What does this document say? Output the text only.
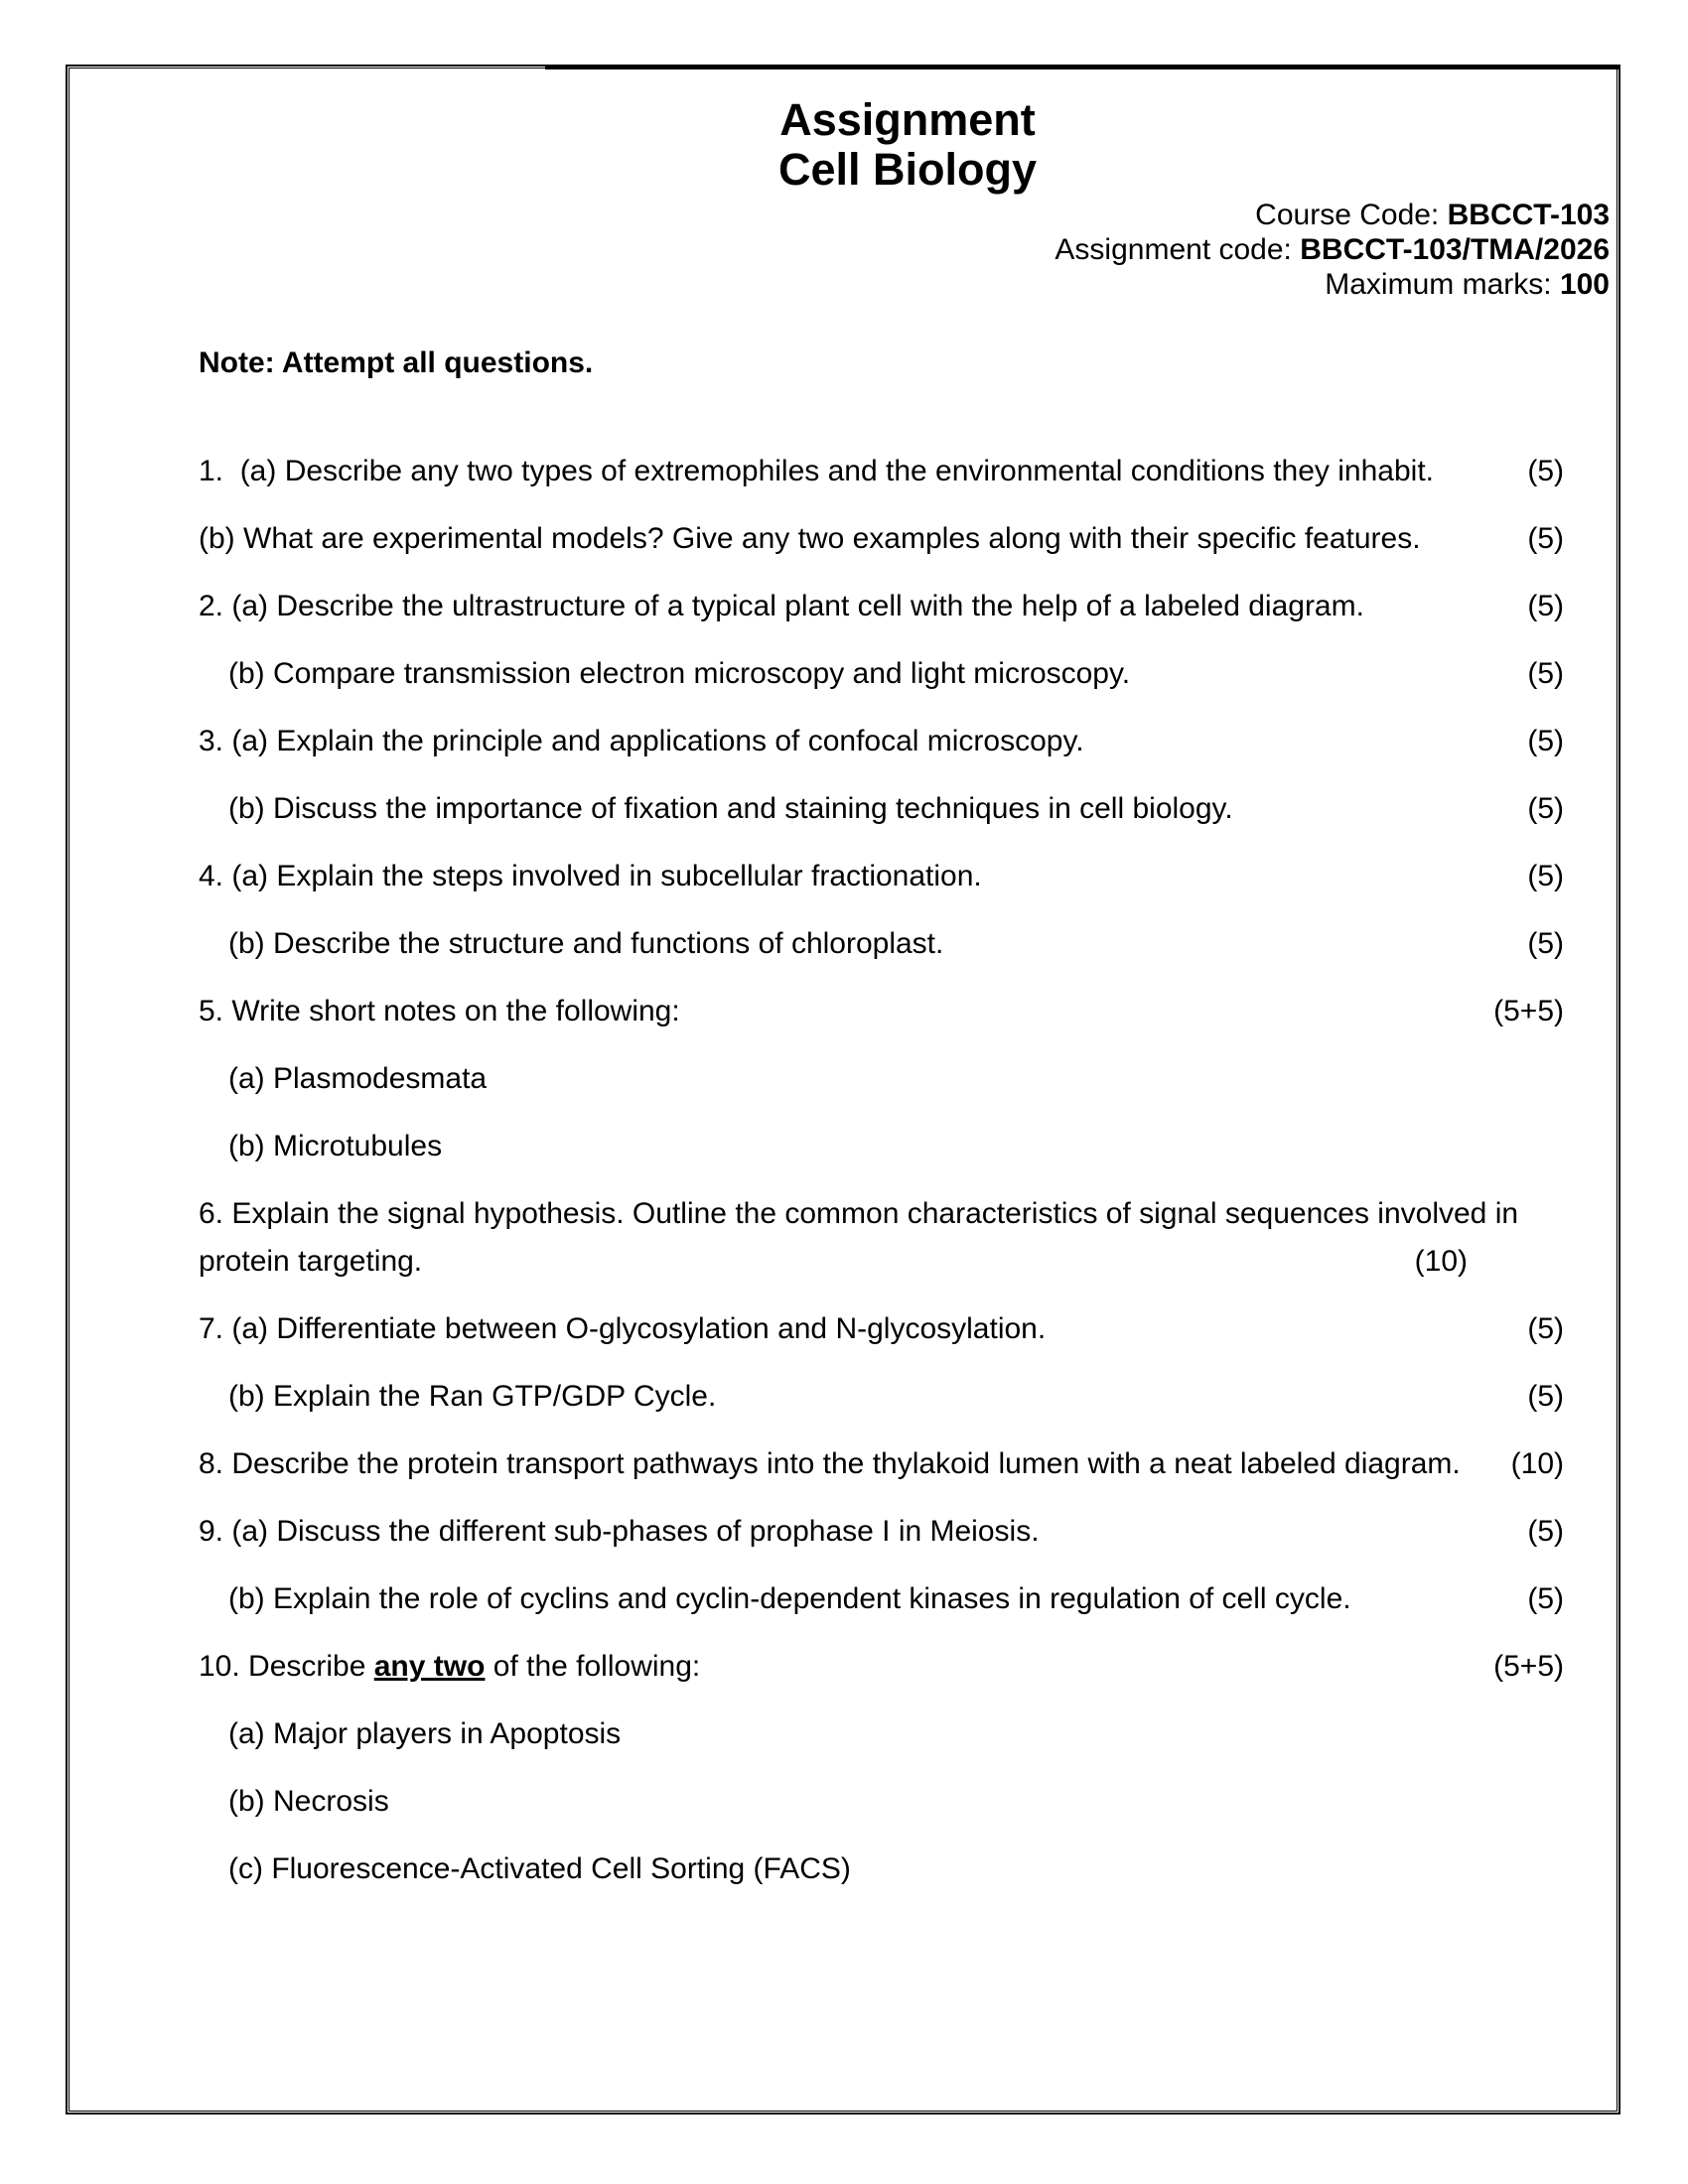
Assignment
Cell Biology
Course Code: BBCCT-103
Assignment code: BBCCT-103/TMA/2026
Maximum marks: 100
Note: Attempt all questions.
1.  (a) Describe any two types of extremophiles and the environmental conditions they inhabit.	(5)
(b) What are experimental models? Give any two examples along with their specific features.	(5)
2. (a) Describe the ultrastructure of a typical plant cell with the help of a labeled diagram.	(5)
(b) Compare transmission electron microscopy and light microscopy.	(5)
3. (a) Explain the principle and applications of confocal microscopy.	(5)
(b) Discuss the importance of fixation and staining techniques in cell biology.	(5)
4. (a) Explain the steps involved in subcellular fractionation.	(5)
(b) Describe the structure and functions of chloroplast.	(5)
5. Write short notes on the following:	(5+5)
(a) Plasmodesmata
(b) Microtubules
6. Explain the signal hypothesis. Outline the common characteristics of signal sequences involved in
protein targeting.	(10)
7. (a) Differentiate between O-glycosylation and N-glycosylation.	(5)
(b) Explain the Ran GTP/GDP Cycle.	(5)
8. Describe the protein transport pathways into the thylakoid lumen with a neat labeled diagram.	(10)
9. (a) Discuss the different sub-phases of prophase I in Meiosis.	(5)
(b) Explain the role of cyclins and cyclin-dependent kinases in regulation of cell cycle.	(5)
10. Describe any two of the following:	(5+5)
(a) Major players in Apoptosis
(b) Necrosis
(c) Fluorescence-Activated Cell Sorting (FACS)
